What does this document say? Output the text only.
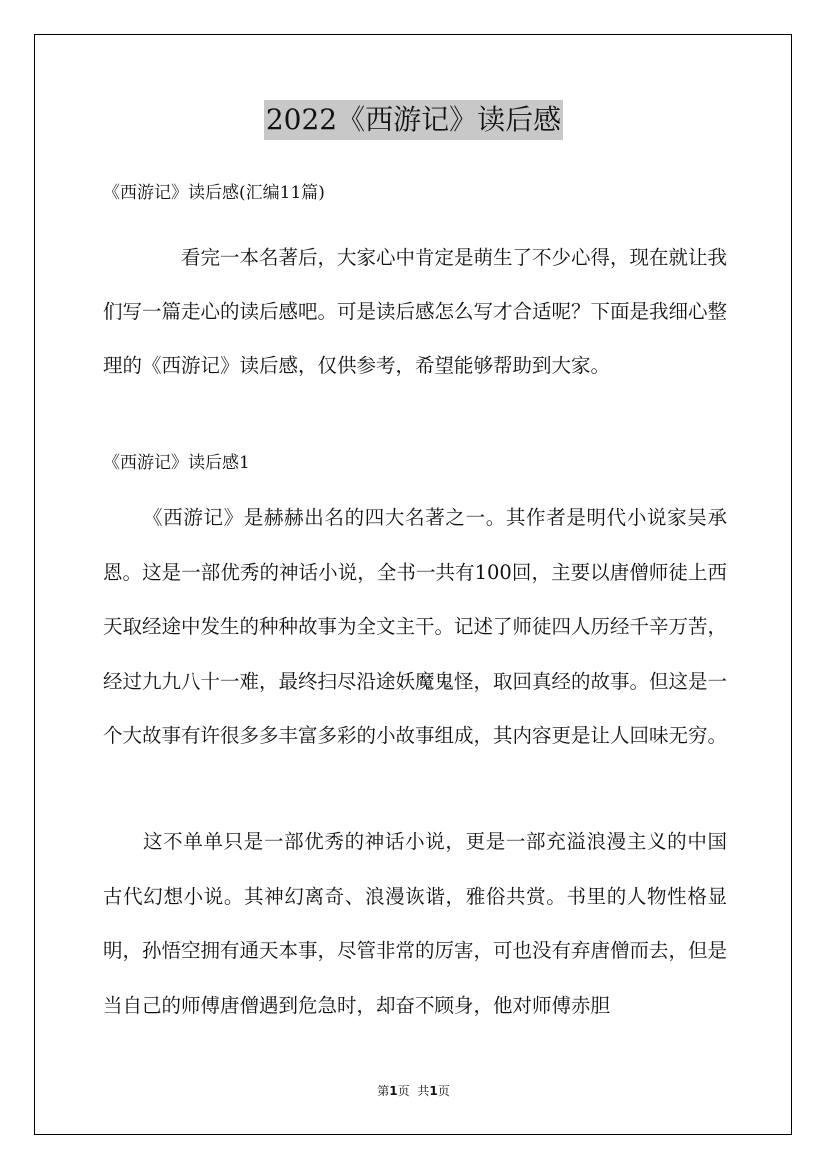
2022《西游记》读后感
《西游记》读后感(汇编11篇)

看完一本名著后，大家心中肯定是萌生了不少心得，现在就让我们写一篇走心的读后感吧。可是读后感怎么写才合适呢？下面是我细心整理的《西游记》读后感，仅供参考，希望能够帮助到大家。

《西游记》读后感1

《西游记》是赫赫出名的四大名著之一。其作者是明代小说家吴承恩。这是一部优秀的神话小说，全书一共有100回，主要以唐僧师徒上西天取经途中发生的种种故事为全文主干。记述了师徒四人历经千辛万苦，经过九九八十一难，最终扫尽沿途妖魔鬼怪，取回真经的故事。但这是一个大故事有许很多多丰富多彩的小故事组成，其内容更是让人回味无穷。

这不单单只是一部优秀的神话小说，更是一部充溢浪漫主义的中国古代幻想小说。其神幻离奇、浪漫诙谐，雅俗共赏。书里的人物性格显明，孙悟空拥有通天本事，尽管非常的厉害，可也没有弃唐僧而去，但是当自己的师傅唐僧遇到危急时，却奋不顾身，他对师傅赤胆

第1页 共1页
